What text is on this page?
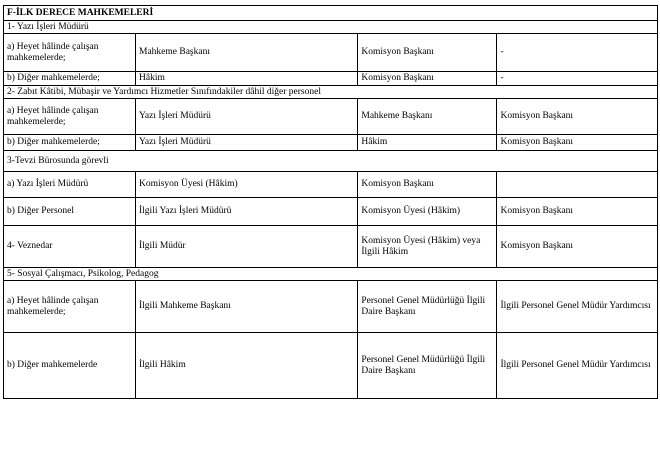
F-İLK DERECE MAHKEMELERİ			
1- Yazı İşleri Müdürü			
a) Heyet hâlinde çalışan mahkemelerde;	Mahkeme Başkanı	Komisyon Başkanı	-
b) Diğer mahkemelerde;	Hâkim	Komisyon Başkanı	-
2- Zabıt Kâtibi, Mübaşir ve Yardımcı Hizmetler Sınıfındakiler dâhil diğer personel			
a) Heyet hâlinde çalışan mahkemelerde;	Yazı İşleri Müdürü	Mahkeme Başkanı	Komisyon Başkanı
b) Diğer mahkemelerde;	Yazı İşleri Müdürü	Hâkim	Komisyon Başkanı
3-Tevzi Bürosunda görevli			
a) Yazı İşleri Müdürü	Komisyon Üyesi (Hâkim)	Komisyon Başkanı	
b) Diğer Personel	İlgili Yazı İşleri Müdürü	Komisyon Üyesi (Hâkim)	Komisyon Başkanı
4- Veznedar	İlgili Müdür	Komisyon Üyesi (Hâkim) veya İlgili Hâkim	Komisyon Başkanı
5- Sosyal Çalışmacı, Psikolog, Pedagog			
a) Heyet hâlinde çalışan mahkemelerde;	İlgili Mahkeme Başkanı	Personel Genel Müdürlüğü İlgili Daire Başkanı	İlgili Personel Genel Müdür Yardımcısı
b) Diğer mahkemelerde	İlgili Hâkim	Personel Genel Müdürlüğü İlgili Daire Başkanı	İlgili Personel Genel Müdür Yardımcısı
